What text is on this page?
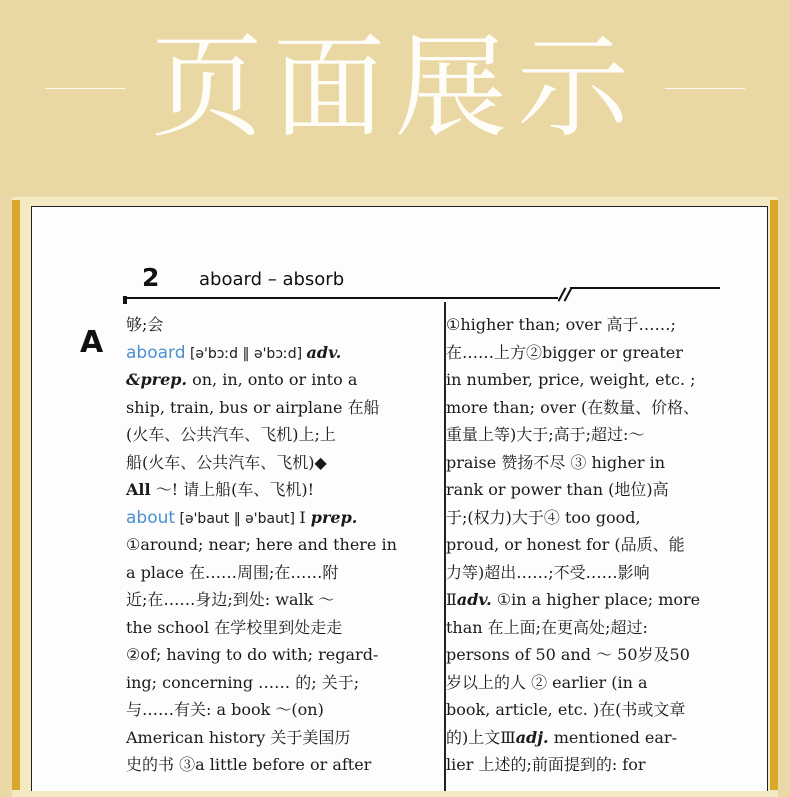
页面展示
2 aboard – absorb
A
够;会
aboard [ə'bɔːd ‖ ə'bɔːd] adv.
&prep. on, in, onto or into a
ship, train, bus or airplane 在船
(火车、公共汽车、飞机)上;上
船(火车、公共汽车、飞机)◆
All ～! 请上船(车、飞机)!
about [ə'baut ‖ ə'baut] Ⅰ prep.
①around; near; here and there in
a place 在……周围;在……附
近;在……身边;到处: walk ～
the school 在学校里到处走走
②of; having to do with; regard-
ing; concerning …… 的; 关于;
与……有关: a book ～(on)
American history 关于美国历
史的书 ③a little before or after
①higher than; over 高于……;
在……上方②bigger or greater
in number, price, weight, etc. ;
more than; over (在数量、价格、
重量上等)大于;高于;超过:～
praise 赞扬不尽 ③ higher in
rank or power than (地位)高
于;(权力)大于④ too good,
proud, or honest for (品质、能
力等)超出……;不受……影响
Ⅱadv. ①in a higher place; more
than 在上面;在更高处;超过:
persons of 50 and ～ 50岁及50
岁以上的人 ② earlier (in a
book, article, etc. )在(书或文章
的)上文Ⅲadj. mentioned ear-
lier 上述的;前面提到的: for
